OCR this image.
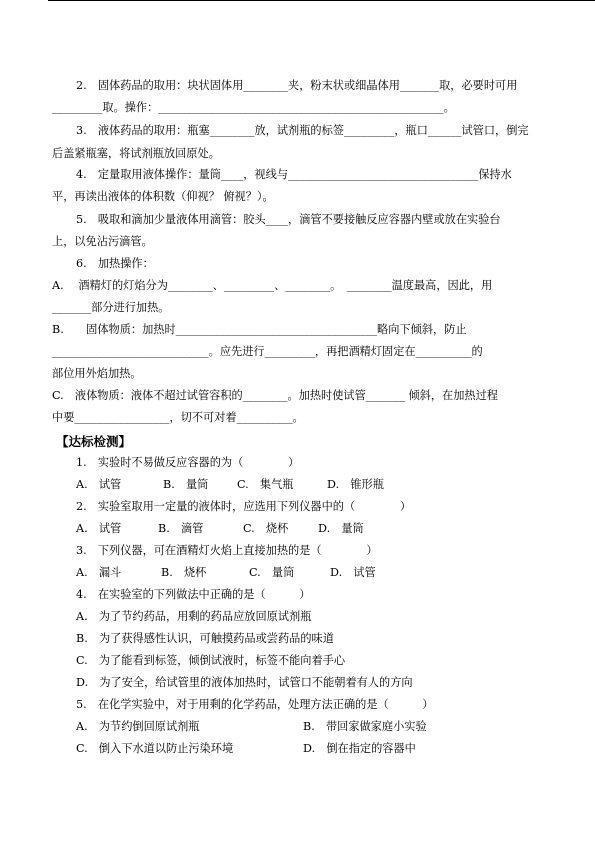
2.　固体药品的取用：块状固体用________夹，粉末状或细晶体用_______取，必要时可用
_________取。操作：___________________________________________________。
3.　液体药品的取用：瓶塞________放，试剂瓶的标签_________，瓶口______试管口，倒完
后盖紧瓶塞，将试剂瓶放回原处。
4.　定量取用液体操作：量筒____，视线与__________________________________保持水
平，再读出液体的体积数（仰视？ 俯视？）。
5.　吸取和滴加少量液体用滴管：胶头____，滴管不要接触反应容器内壁或放在实验台
上，以免沾污滴管。
6.　加热操作：
A.　 酒精灯的灯焰分为________、_________、________。　________温度最高，因此，用
_______部分进行加热。
B.　　固体物质：加热时____________________________________略向下倾斜，防止
____________________________。应先进行_________，再把酒精灯固定在__________的
部位用外焰加热。
C.　液体物质：液体不超过试管容积的________。加热时使试管_______ 倾斜，在加热过程
中要_________________，切不可对着__________。
【达标检测】
1.　实验时不易做反应容器的为（　　　　）
A.　试管	B.　量筒	C.　集气瓶	D.　锥形瓶
2.　实验室取用一定量的液体时，应选用下列仪器中的（　　　　）
A.　试管	B.　滴管	C.　烧杯	D.　量筒
3.　下列仪器，可在酒精灯火焰上直接加热的是（　　　　）
A.　漏斗	B.　烧杯	C.　量筒	D.　试管
4.　在实验室的下列做法中正确的是（　　　）
A.　为了节约药品，用剩的药品应放回原试剂瓶
B.　为了获得感性认识，可触摸药品或尝药品的味道
C.　为了能看到标签，倾倒试液时，标签不能向着手心
D.　为了安全，给试管里的液体加热时，试管口不能朝着有人的方向
5.　在化学实验中，对于用剩的化学药品，处理方法正确的是（　　　）
A.　为节约倒回原试剂瓶	B.　带回家做家庭小实验
C.　倒入下水道以防止污染环境	D.　倒在指定的容器中
